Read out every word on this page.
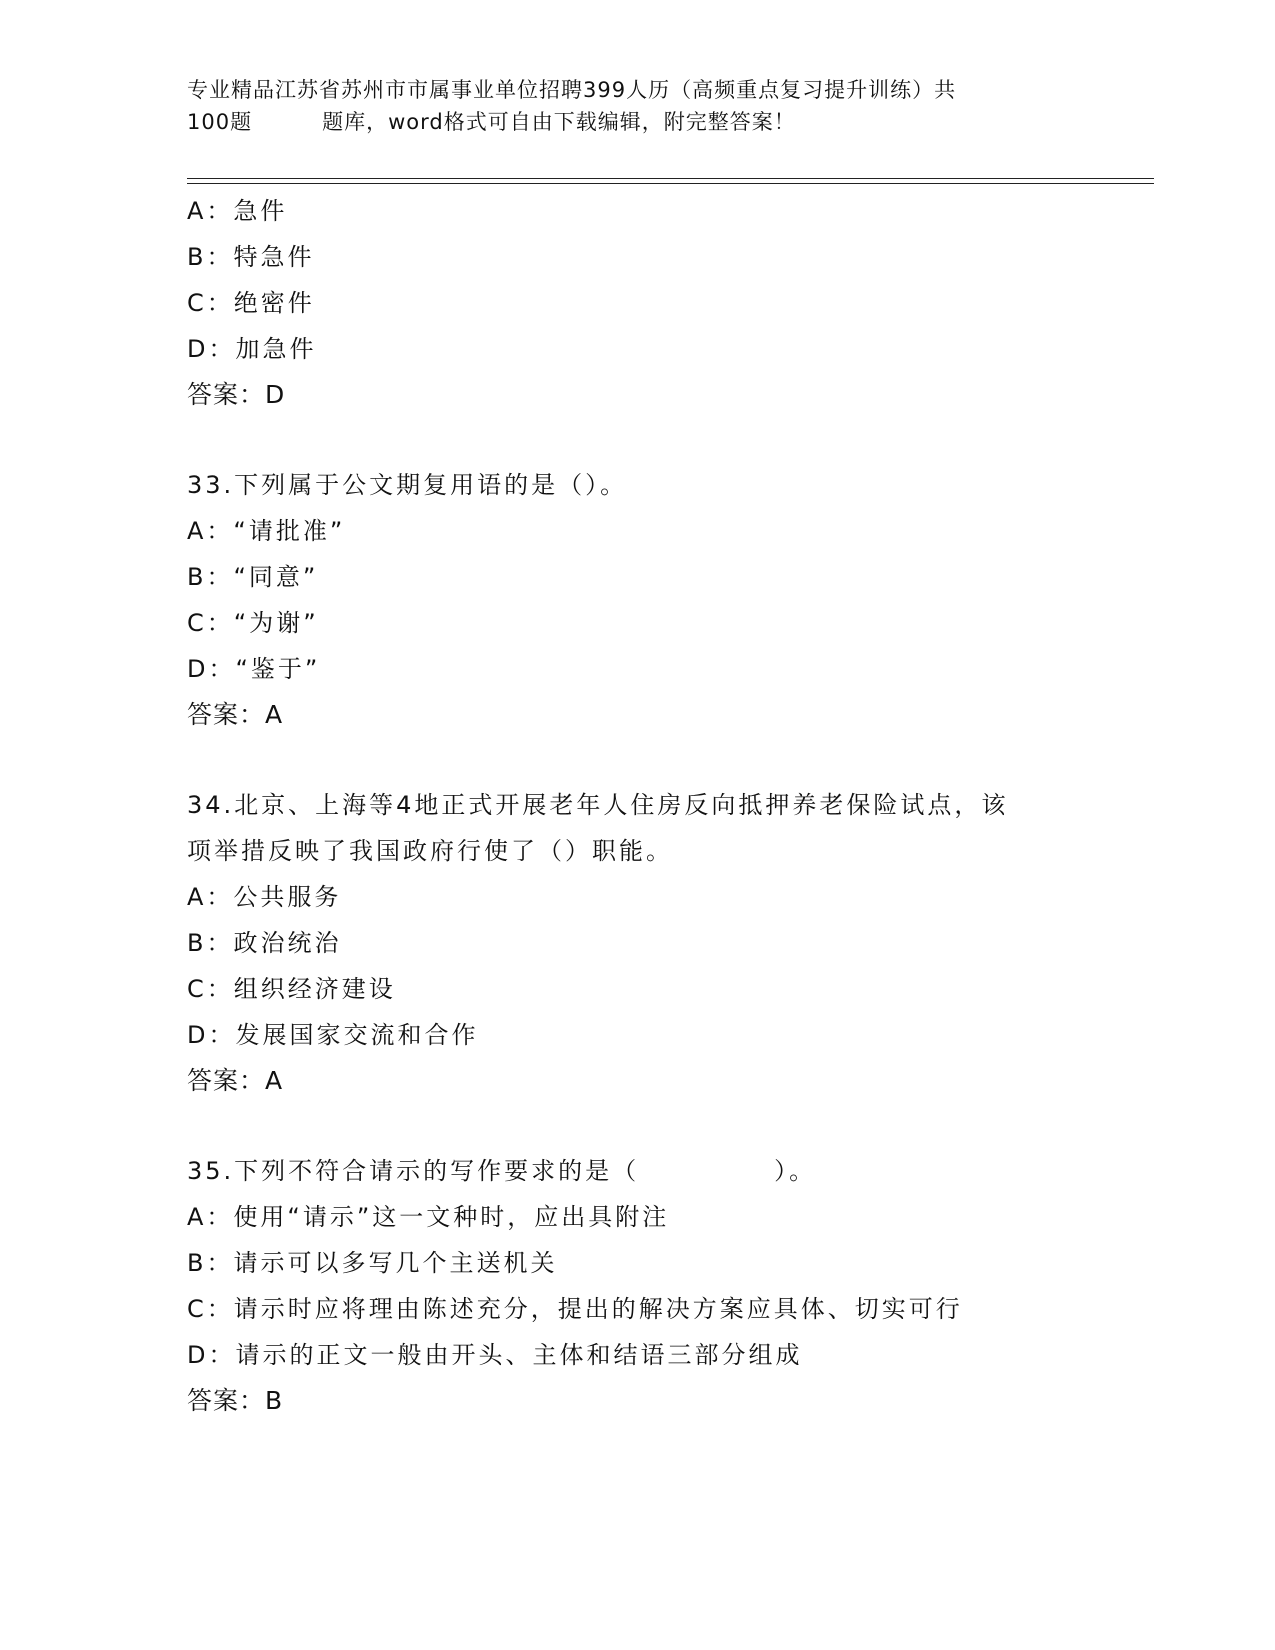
专业精品江苏省苏州市市属事业单位招聘399人历（高频重点复习提升训练）共
100题	题库，word格式可自由下载编辑，附完整答案！
A：急件
B：特急件
C：绝密件
D：加急件
答案：D
33.下列属于公文期复用语的是（）。
A：“请批准”
B：“同意”
C：“为谢”
D：“鉴于”
答案：A
34.北京、上海等4地正式开展老年人住房反向抵押养老保险试点，该
项举措反映了我国政府行使了（）职能。
A：公共服务
B：政治统治
C：组织经济建设
D：发展国家交流和合作
答案：A
35.下列不符合请示的写作要求的是（　　　　　）。
A：使用“请示”这一文种时，应出具附注
B：请示可以多写几个主送机关
C：请示时应将理由陈述充分，提出的解决方案应具体、切实可行
D：请示的正文一般由开头、主体和结语三部分组成
答案：B
